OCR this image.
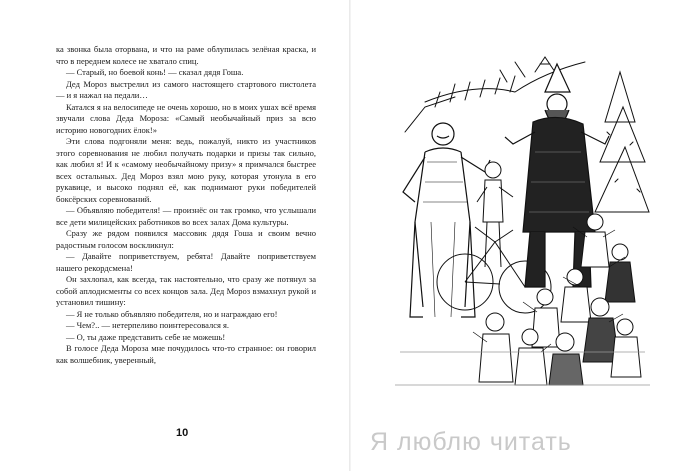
ка звонка была оторвана, и что на раме облупилась зелёная краска, и что в переднем колесе не хватало спиц.

— Старый, но боевой конь! — сказал дядя Гоша.

Дед Мороз выстрелил из самого настоящего стартового пистолета — и я нажал на педали…

Катался я на велосипеде не очень хорошо, но в моих ушах всё время звучали слова Деда Мороза: «Самый необычайный приз за всю историю новогодних ёлок!»

Эти слова подгоняли меня: ведь, пожалуй, никто из участников этого соревнования не любил получать подарки и призы так сильно, как любил я! И к «самому необычайному призу» я примчался быстрее всех остальных. Дед Мороз взял мою руку, которая утонула в его рукавице, и высоко поднял её, как поднимают руки победителей боксёрских соревнований.

— Объявляю победителя! — произнёс он так громко, что услышали все дети милицейских работников во всех залах Дома культуры.

Сразу же рядом появился массовик дядя Гоша и своим вечно радостным голосом воскликнул:

— Давайте поприветствуем, ребята! Давайте поприветствуем нашего рекордсмена!

Он захлопал, как всегда, так настоятельно, что сразу же потянул за собой аплодисменты со всех концов зала. Дед Мороз взмахнул рукой и установил тишину:

— Я не только объявляю победителя, но и награждаю его!

— Чем?.. — нетерпеливо поинтересовался я.

— О, ты даже представить себе не можешь!

В голосе Деда Мороза мне почудилось что-то странное: он говорил как волшебник, уверенный,

10	Я люблю читать
